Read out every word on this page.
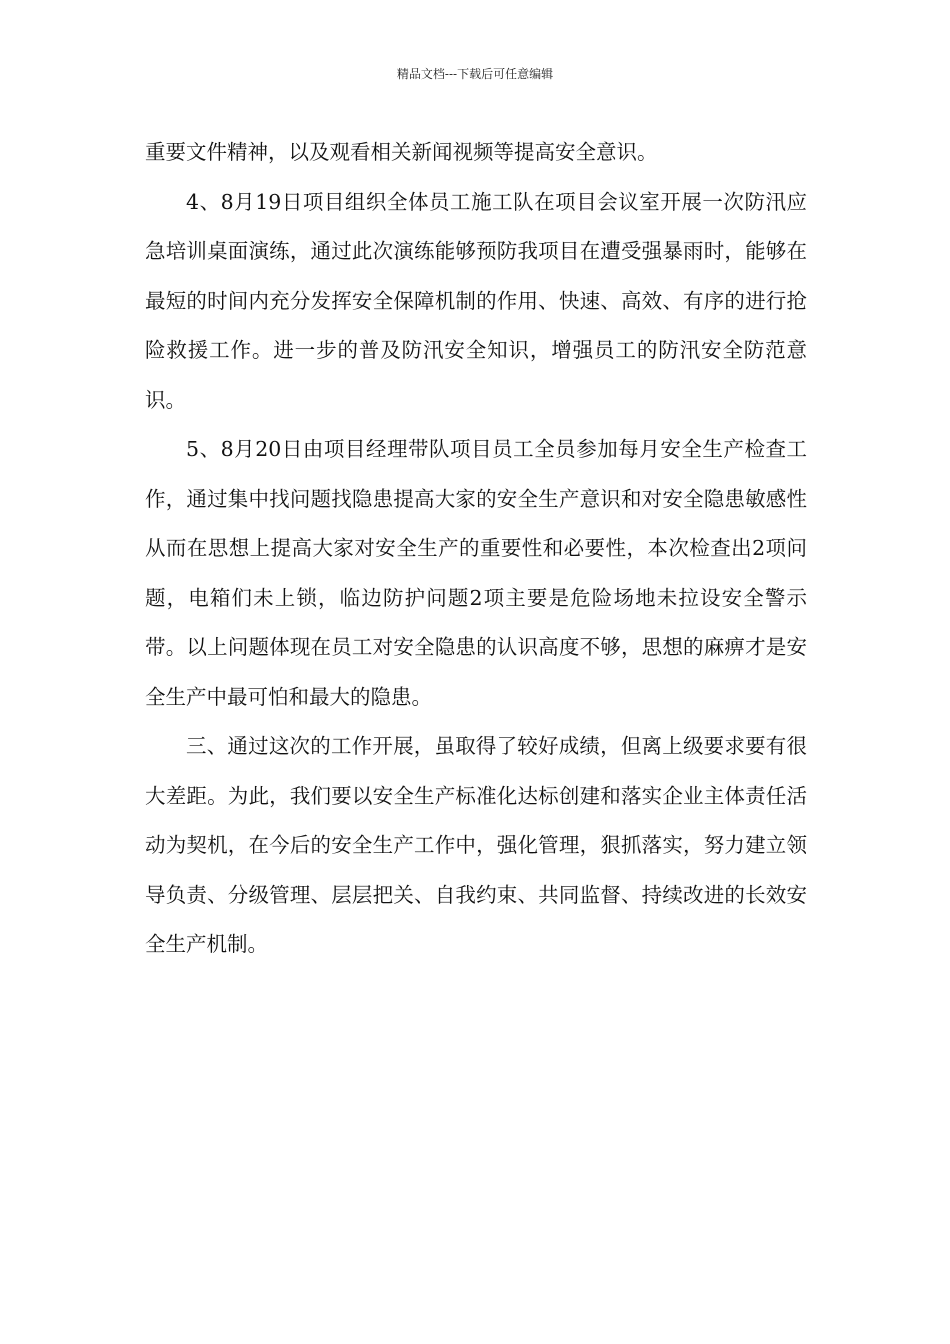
精品文档---下载后可任意编辑

重要文件精神，以及观看相关新闻视频等提高安全意识。

4、8月19日项目组织全体员工施工队在项目会议室开展一次防汛应急培训桌面演练，通过此次演练能够预防我项目在遭受强暴雨时，能够在最短的时间内充分发挥安全保障机制的作用、快速、高效、有序的进行抢险救援工作。进一步的普及防汛安全知识，增强员工的防汛安全防范意识。

5、8月20日由项目经理带队项目员工全员参加每月安全生产检查工作，通过集中找问题找隐患提高大家的安全生产意识和对安全隐患敏感性从而在思想上提高大家对安全生产的重要性和必要性，本次检查出2项问题，电箱们未上锁，临边防护问题2项主要是危险场地未拉设安全警示带。以上问题体现在员工对安全隐患的认识高度不够，思想的麻痹才是安全生产中最可怕和最大的隐患。

三、通过这次的工作开展，虽取得了较好成绩，但离上级要求要有很大差距。为此，我们要以安全生产标准化达标创建和落实企业主体责任活动为契机，在今后的安全生产工作中，强化管理，狠抓落实，努力建立领导负责、分级管理、层层把关、自我约束、共同监督、持续改进的长效安全生产机制。
